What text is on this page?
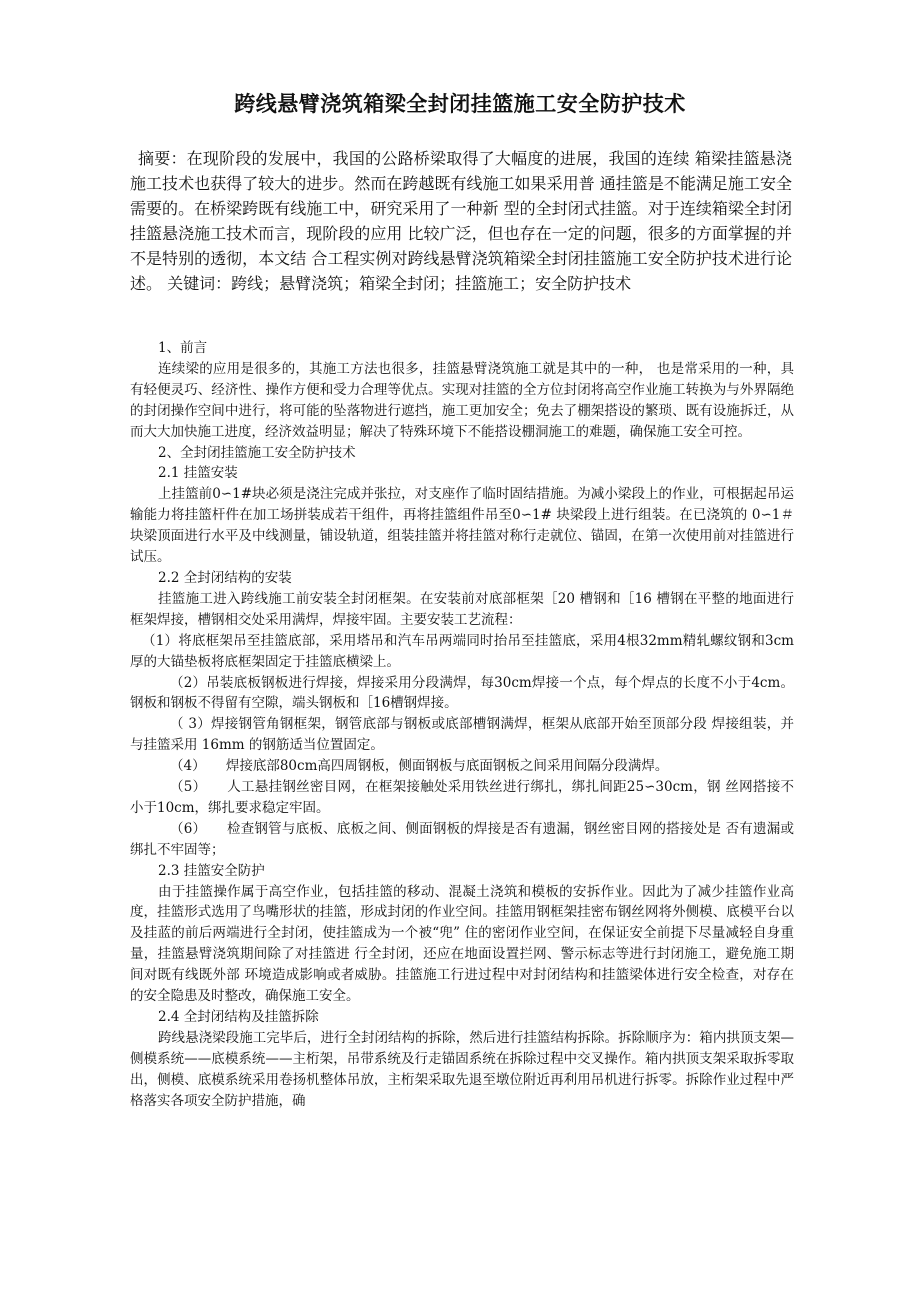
跨线悬臂浇筑箱梁全封闭挂篮施工安全防护技术

摘要：在现阶段的发展中，我国的公路桥梁取得了大幅度的进展，我国的连续 箱梁挂篮悬浇施工技术也获得了较大的进步。然而在跨越既有线施工如果采用普 通挂篮是不能满足施工安全需要的。在桥梁跨既有线施工中，研究采用了一种新 型的全封闭式挂篮。对于连续箱梁全封闭挂篮悬浇施工技术而言，现阶段的应用 比较广泛，但也存在一定的问题，很多的方面掌握的并不是特别的透彻，本文结 合工程实例对跨线悬臂浇筑箱梁全封闭挂篮施工安全防护技术进行论述。 关键词：跨线；悬臂浇筑；箱梁全封闭；挂篮施工；安全防护技术

1、前言

连续梁的应用是很多的，其施工方法也很多，挂篮悬臂浇筑施工就是其中的一种， 也是常采用的一种，具有轻便灵巧、经济性、操作方便和受力合理等优点。实现对挂篮的全方位封闭将高空作业施工转换为与外界隔绝的封闭操作空间中进行，将可能的坠落物进行遮挡，施工更加安全；免去了棚架搭设的繁琐、既有设施拆迁，从而大大加快施工进度，经济效益明显；解决了特殊环境下不能搭设棚洞施工的难题，确保施工安全可控。

2、全封闭挂篮施工安全防护技术

2.1 挂篮安装

上挂篮前0∽1#块必须是浇注完成并张拉，对支座作了临时固结措施。为减小梁段上的作业，可根据起吊运输能力将挂篮杆件在加工场拼装成若干组件，再将挂篮组件吊至0∽1# 块梁段上进行组装。在已浇筑的 0∽1＃块梁顶面进行水平及中线测量，铺设轨道，组装挂篮并将挂篮对称行走就位、锚固，在第一次使用前对挂篮进行试压。

2.2 全封闭结构的安装

挂篮施工进入跨线施工前安装全封闭框架。在安装前对底部框架［20 槽钢和［16 槽钢在平整的地面进行框架焊接，槽钢相交处采用满焊，焊接牢固。主要安装工艺流程：

（1）将底框架吊至挂篮底部，采用塔吊和汽车吊两端同时抬吊至挂篮底，采用4根32mm精轧螺纹钢和3cm厚的大锚垫板将底框架固定于挂篮底横梁上。

（2）吊装底板钢板进行焊接，焊接采用分段满焊，每30cm焊接一个点，每个焊点的长度不小于4cm。钢板和钢板不得留有空隙，端头钢板和［16槽钢焊接。

（ 3）焊接钢管角钢框架，钢管底部与钢板或底部槽钢满焊，框架从底部开始至顶部分段 焊接组装，并与挂篮采用 16mm 的钢筋适当位置固定。

（4）　　焊接底部80cm高四周钢板，侧面钢板与底面钢板之间采用间隔分段满焊。

（5）　　人工悬挂钢丝密目网，在框架接触处采用铁丝进行绑扎，绑扎间距25∽30cm，钢 丝网搭接不小于10cm，绑扎要求稳定牢固。

（6）　　检查钢管与底板、底板之间、侧面钢板的焊接是否有遗漏，钢丝密目网的搭接处是 否有遗漏或绑扎不牢固等；

2.3 挂篮安全防护

由于挂篮操作属于高空作业，包括挂篮的移动、混凝土浇筑和模板的安拆作业。因此为了减少挂篮作业高度，挂篮形式选用了鸟嘴形状的挂篮，形成封闭的作业空间。挂篮用钢框架挂密布钢丝网将外侧模、底模平台以及挂蓝的前后两端进行全封闭，使挂篮成为一个被“兜” 住的密闭作业空间，在保证安全前提下尽量减轻自身重量，挂篮悬臂浇筑期间除了对挂篮进 行全封闭，还应在地面设置拦网、警示标志等进行封闭施工，避免施工期间对既有线既外部 环境造成影响或者威胁。挂篮施工行进过程中对封闭结构和挂篮梁体进行安全检查，对存在 的安全隐患及时整改，确保施工安全。

2.4 全封闭结构及挂篮拆除

跨线悬浇梁段施工完毕后，进行全封闭结构的拆除，然后进行挂篮结构拆除。拆除顺序为：箱内拱顶支架—侧模系统——底模系统——主桁架，吊带系统及行走锚固系统在拆除过程中交叉操作。箱内拱顶支架采取拆零取出，侧模、底模系统采用卷扬机整体吊放，主桁架采取先退至墩位附近再利用吊机进行拆零。拆除作业过程中严格落实各项安全防护措施，确
